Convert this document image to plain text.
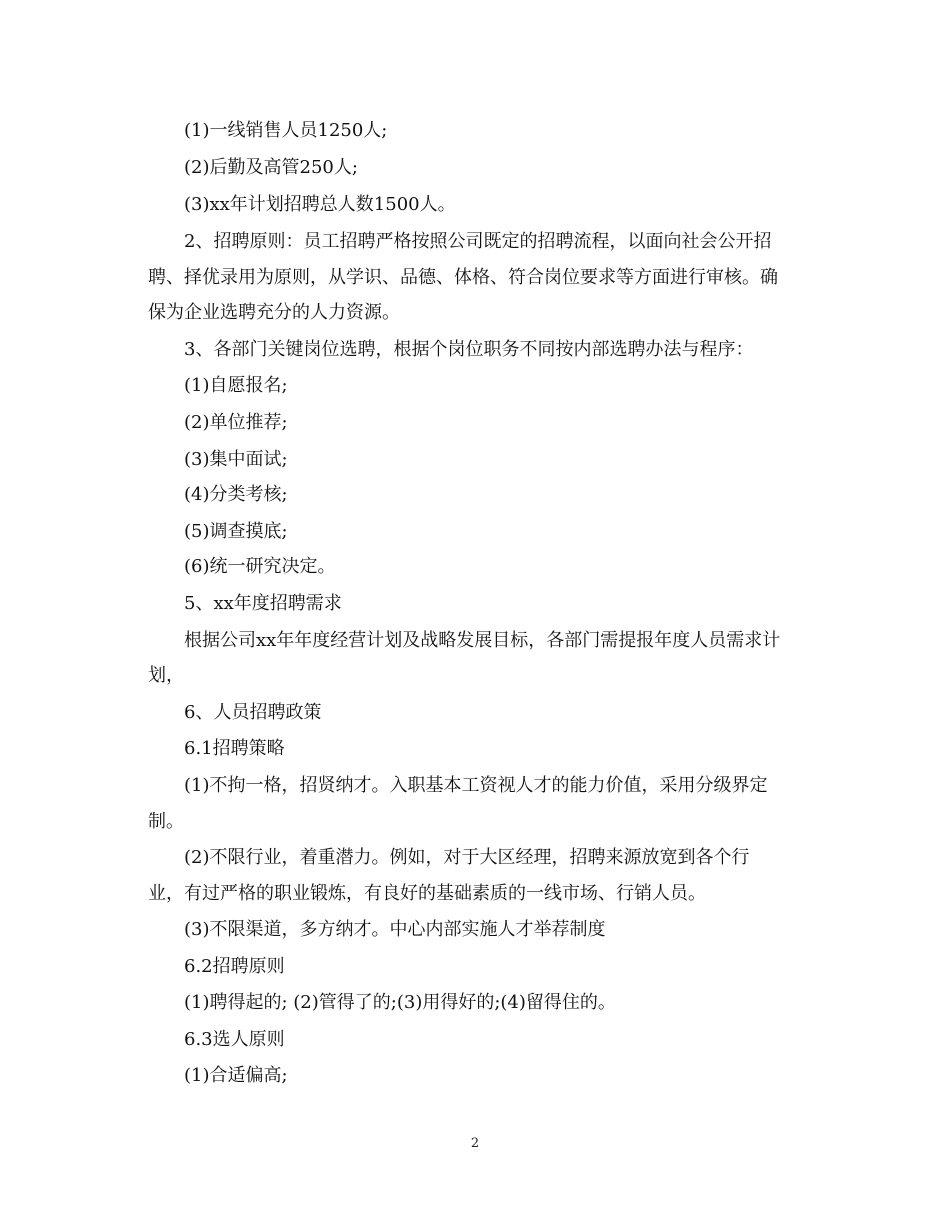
(1)一线销售人员1250人;
(2)后勤及高管250人;
(3)xx年计划招聘总人数1500人。
2、招聘原则：员工招聘严格按照公司既定的招聘流程，以面向社会公开招
聘、择优录用为原则，从学识、品德、体格、符合岗位要求等方面进行审核。确
保为企业选聘充分的人力资源。
3、各部门关键岗位选聘，根据个岗位职务不同按内部选聘办法与程序：
(1)自愿报名;
(2)单位推荐;
(3)集中面试;
(4)分类考核;
(5)调查摸底;
(6)统一研究决定。
5、xx年度招聘需求
根据公司xx年年度经营计划及战略发展目标，各部门需提报年度人员需求计
划，
6、人员招聘政策
6.1招聘策略
(1)不拘一格，招贤纳才。入职基本工资视人才的能力价值，采用分级界定
制。
(2)不限行业，着重潜力。例如，对于大区经理，招聘来源放宽到各个行
业，有过严格的职业锻炼，有良好的基础素质的一线市场、行销人员。
(3)不限渠道，多方纳才。中心内部实施人才举荐制度
6.2招聘原则
(1)聘得起的; (2)管得了的;(3)用得好的;(4)留得住的。
6.3选人原则
(1)合适偏高;
2
